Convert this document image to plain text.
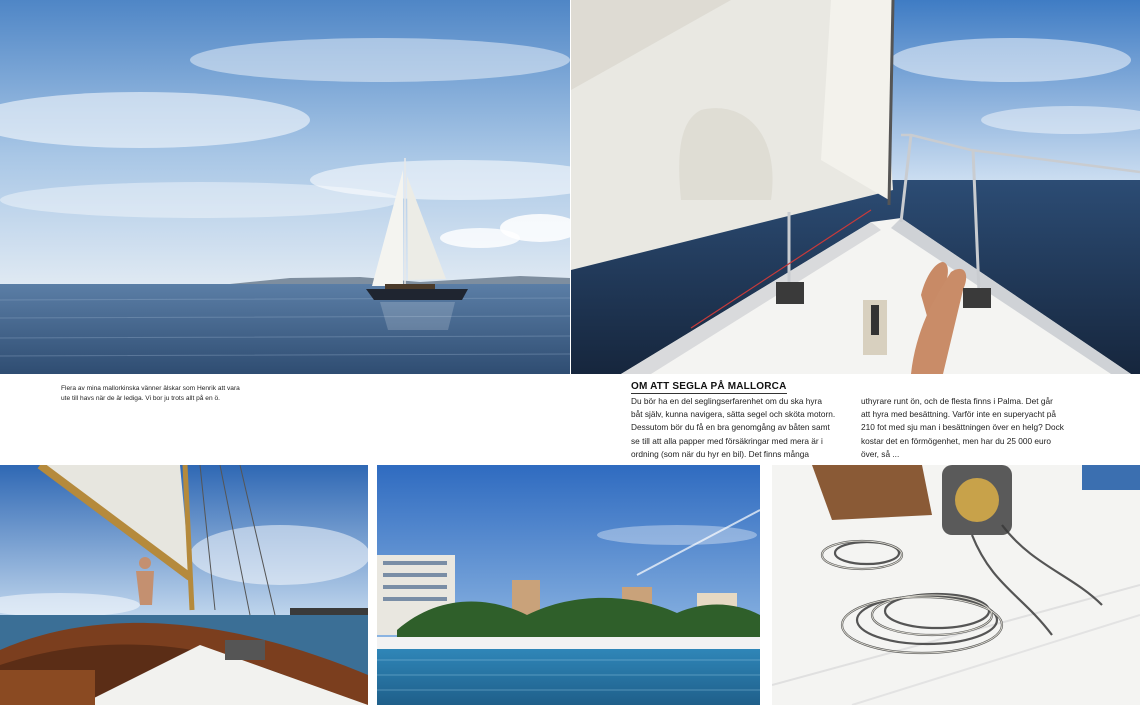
Flera av mina mallorkinska vänner älskar som Henrik att vara
ute till havs när de är lediga. Vi bor ju trots allt på en ö.
OM ATT SEGLA PÅ MALLORCA
Du bör ha en del seglingserfarenhet om du ska hyra
båt själv, kunna navigera, sätta segel och sköta motorn.
Dessutom bör du få en bra genomgång av båten samt
se till att alla papper med försäkringar med mera är i
ordning (som när du hyr en bil). Det finns många
uthyrare runt ön, och de flesta finns i Palma. Det går
att hyra med besättning. Varför inte en superyacht på
210 fot med sju man i besättningen över en helg? Dock
kostar det en förmögenhet, men har du 25 000 euro
över, så ...
